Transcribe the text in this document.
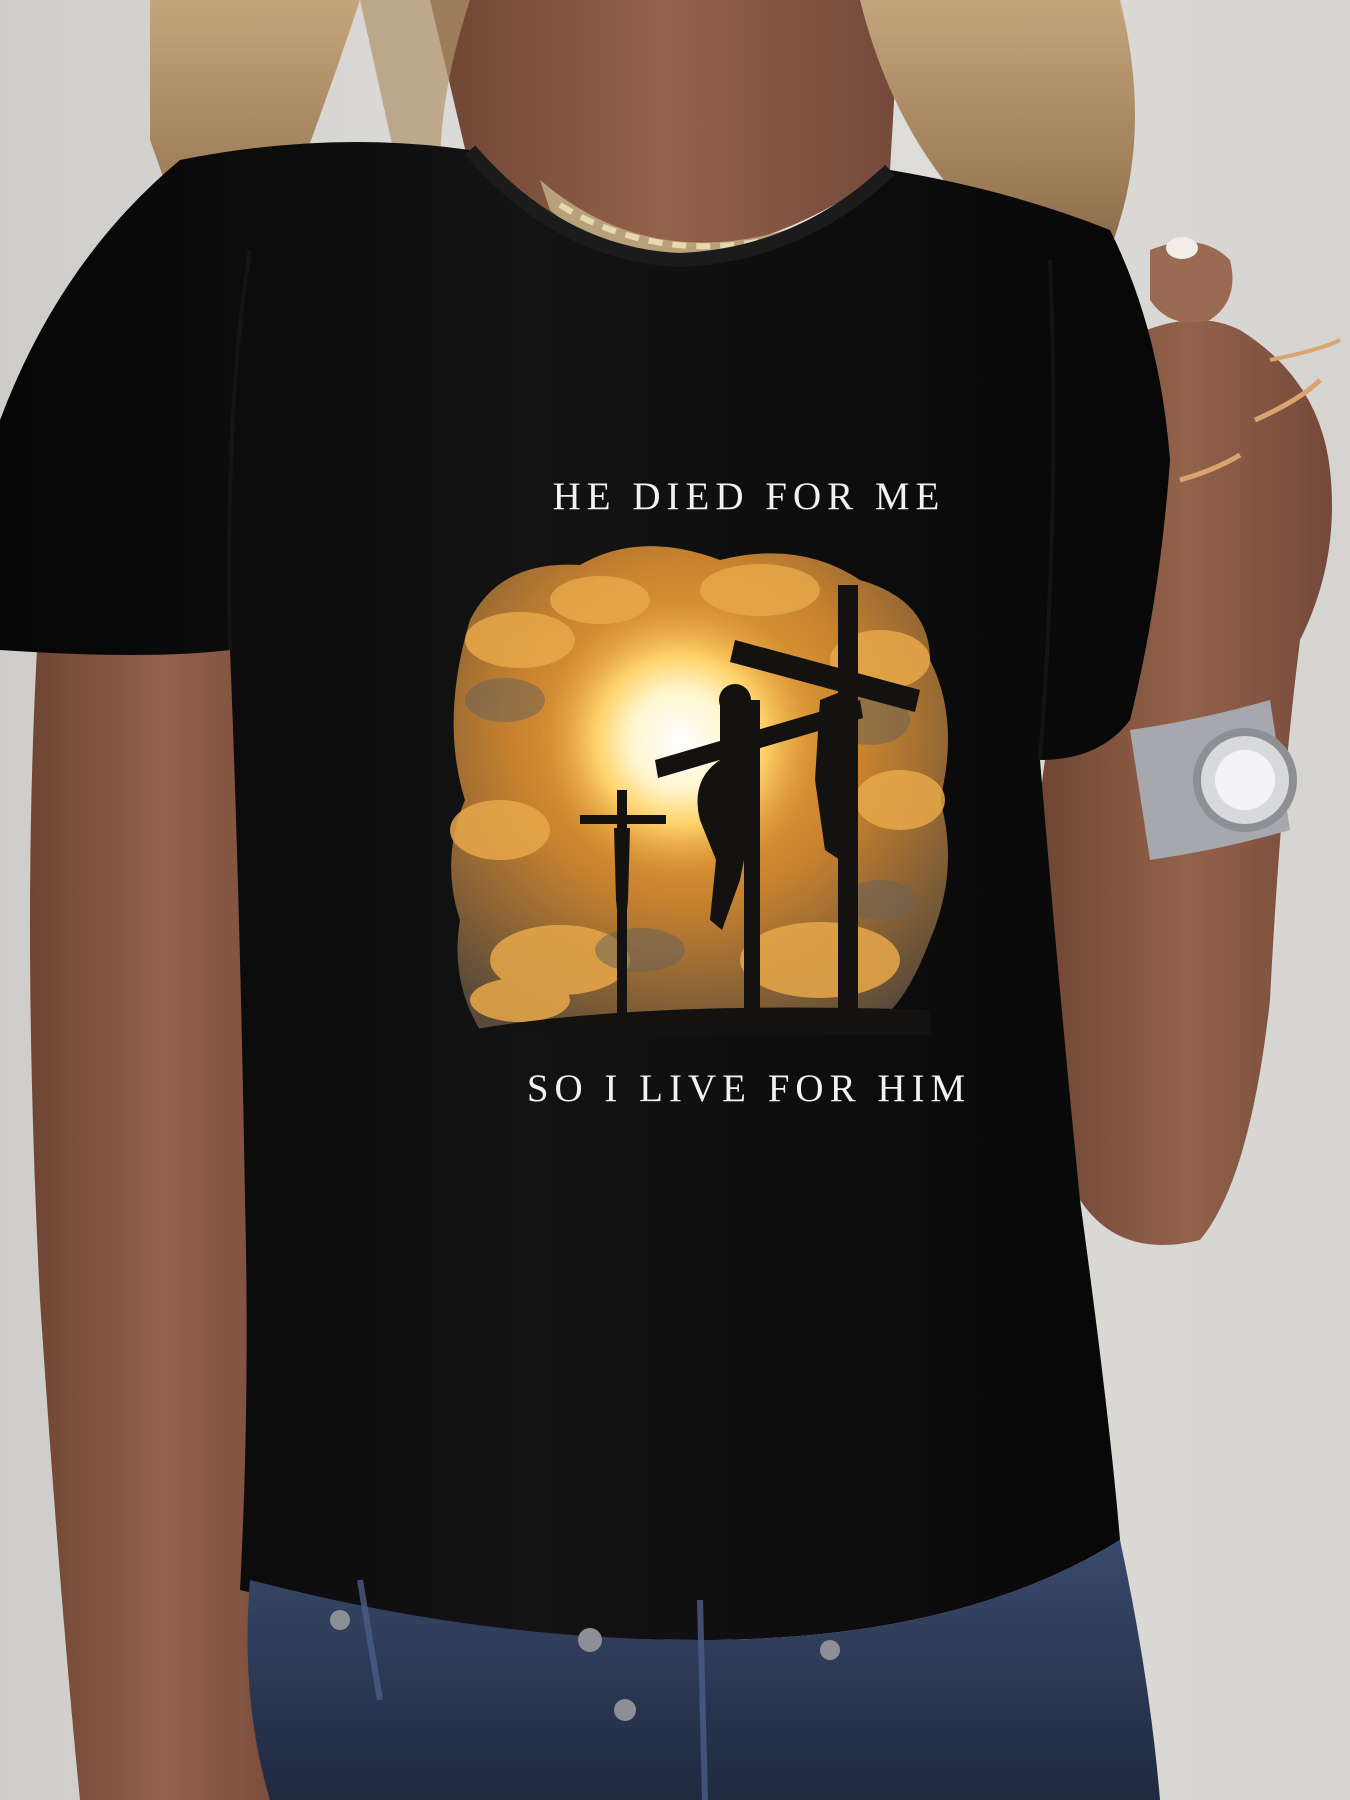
HE DIED FOR ME
SO I LIVE FOR HIM
